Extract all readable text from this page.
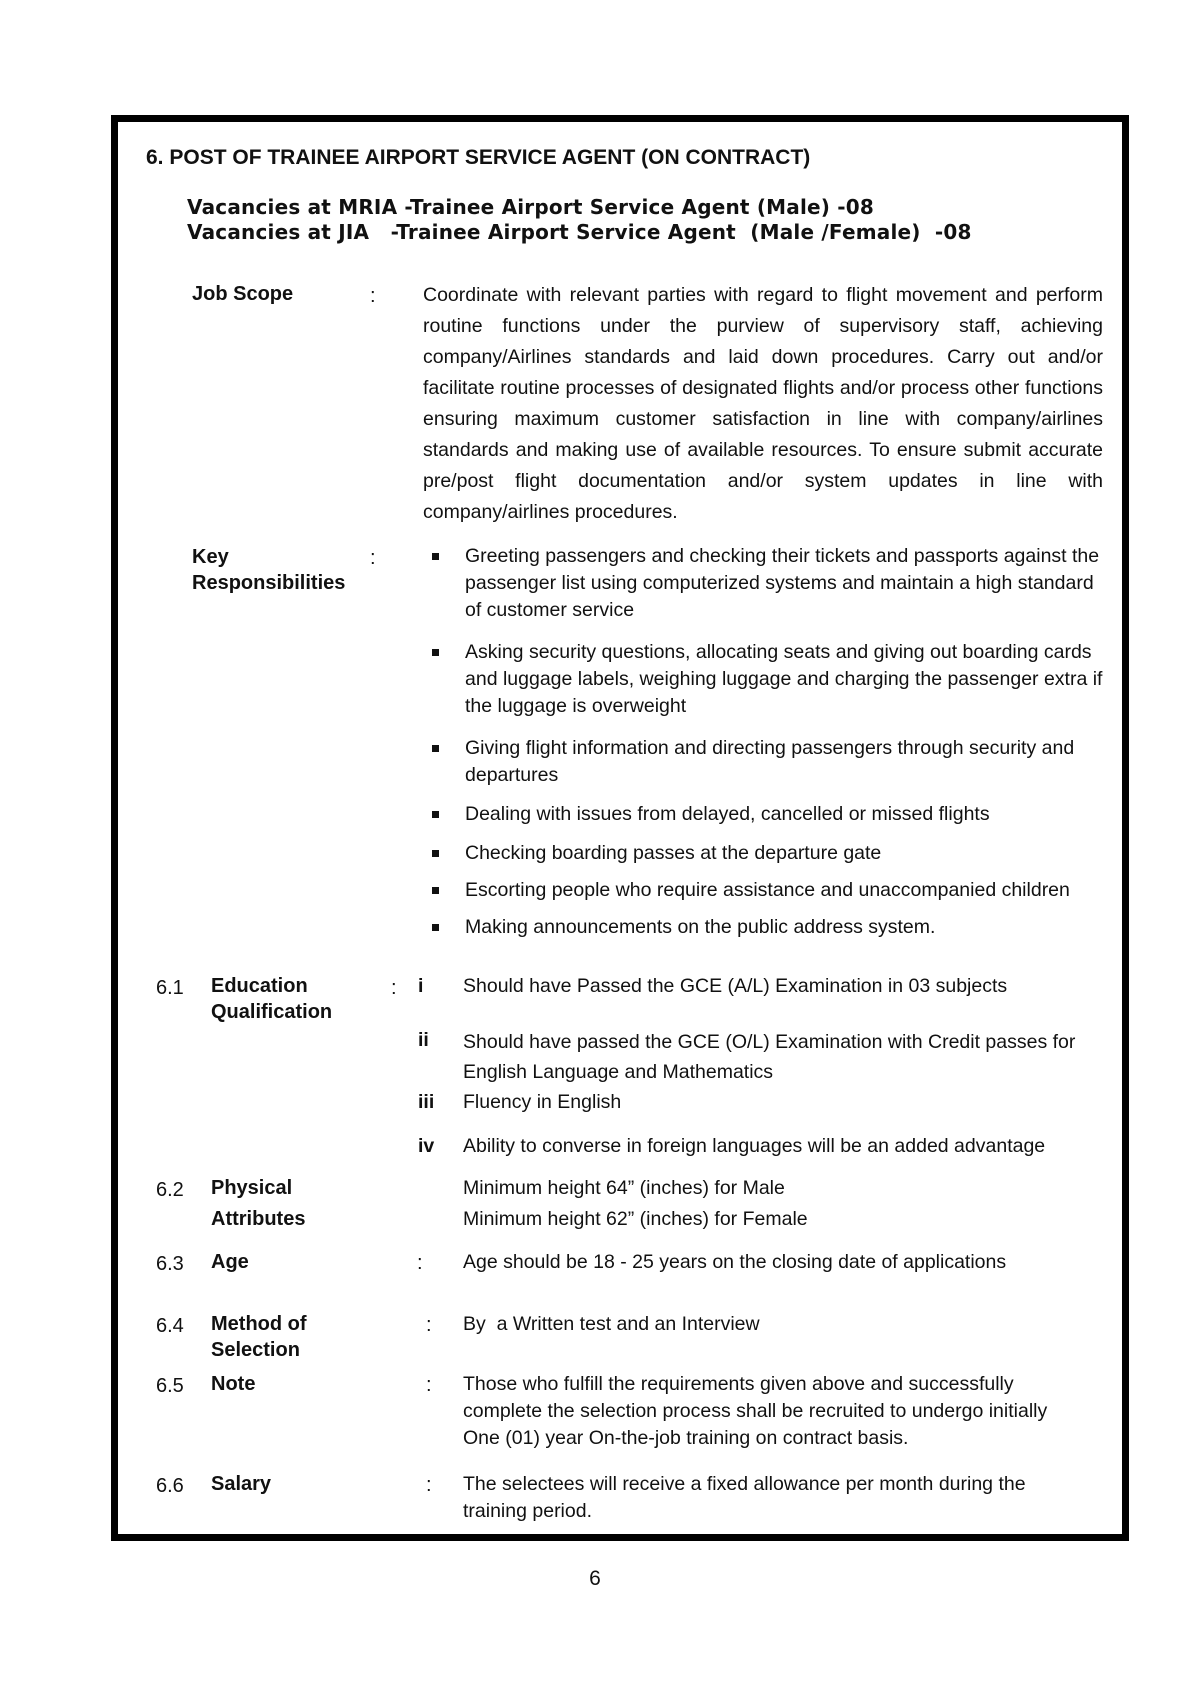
6. POST OF TRAINEE AIRPORT SERVICE AGENT (ON CONTRACT)
Vacancies at MRIA -Trainee Airport Service Agent (Male) -08
Vacancies at JIA   -Trainee Airport Service Agent  (Male /Female)  -08
Job Scope	: Coordinate with relevant parties with regard to flight movement and perform routine functions under the purview of supervisory staff, achieving company/Airlines standards and laid down procedures. Carry out and/or facilitate routine processes of designated flights and/or process other functions ensuring maximum customer satisfaction in line with company/airlines standards and making use of available resources. To ensure submit accurate pre/post flight documentation and/or system updates in line with company/airlines procedures.
Key
Responsibilities
:	Greeting passengers and checking their tickets and passports against the passenger list using computerized systems and maintain a high standard of customer service
Asking security questions, allocating seats and giving out boarding cards and luggage labels, weighing luggage and charging the passenger extra if the luggage is overweight
Giving flight information and directing passengers through security and departures
Dealing with issues from delayed, cancelled or missed flights
Checking boarding passes at the departure gate
Escorting people who require assistance and unaccompanied children
Making announcements on the public address system.
6.1 Education
Qualification
: i Should have Passed the GCE (A/L) Examination in 03 subjects
ii Should have passed the GCE (O/L) Examination with Credit passes for English Language and Mathematics
iii Fluency in English
iv Ability to converse in foreign languages will be an added advantage
6.2 Physical
Attributes
Minimum height 64” (inches) for Male
Minimum height 62” (inches) for Female
6.3 Age	: Age should be 18 - 25 years on the closing date of applications
6.4 Method of
Selection
: By  a Written test and an Interview
6.5 Note	: Those who fulfill the requirements given above and successfully complete the selection process shall be recruited to undergo initially One (01) year On-the-job training on contract basis.
6.6 Salary	: The selectees will receive a fixed allowance per month during the training period.
6
